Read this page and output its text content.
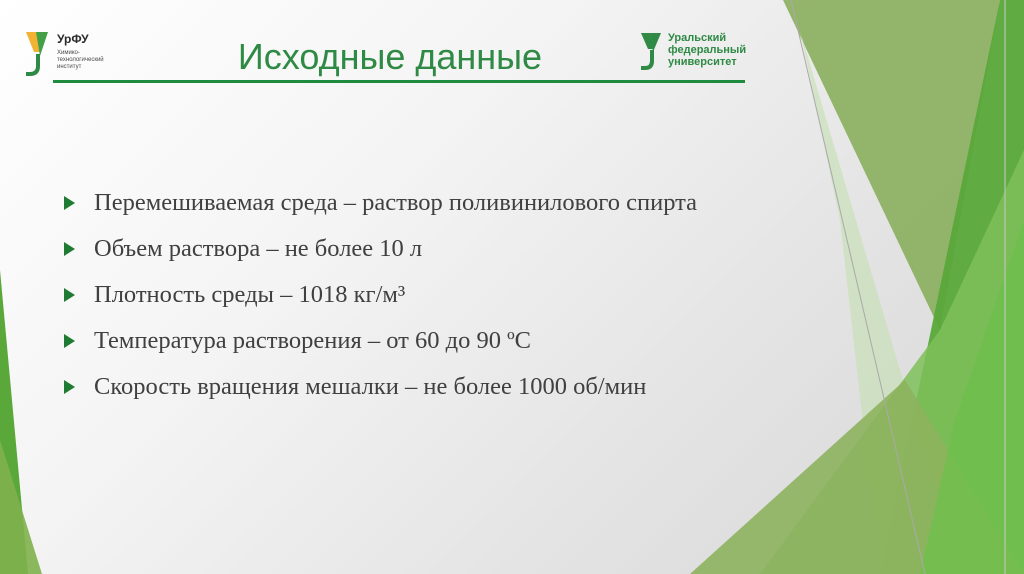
УрФУ
Химико-
технологический
институт	Исходные данные	Уральский
федеральный
университет
Перемешиваемая среда – раствор поливинилового спирта
Объем раствора – не более 10 л
Плотность среды – 1018 кг/м³
Температура растворения – от 60 до 90 ºС
Скорость вращения мешалки – не более 1000 об/мин
